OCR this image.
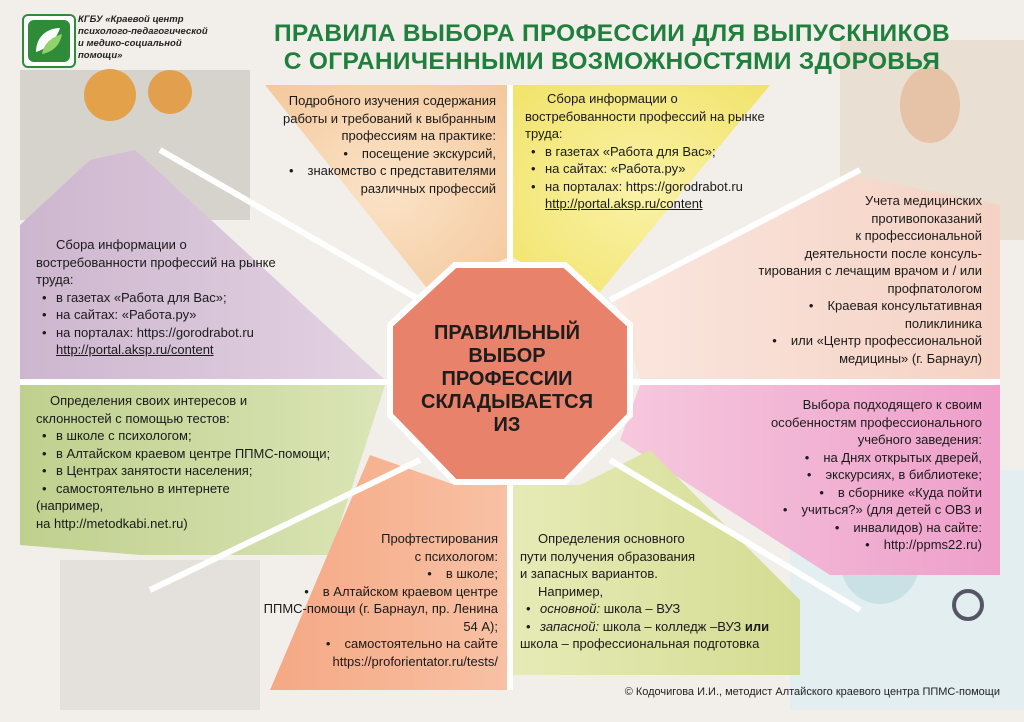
КГБУ «Краевой центр
психолого-педагогической
и медико-социальной
помощи»
ПРАВИЛА ВЫБОРА ПРОФЕССИИ ДЛЯ ВЫПУСКНИКОВ
С ОГРАНИЧЕННЫМИ ВОЗМОЖНОСТЯМИ ЗДОРОВЬЯ
ПРАВИЛЬНЫЙ
ВЫБОР
ПРОФЕССИИ
СКЛАДЫВАЕТСЯ
ИЗ

Подробного изучения содержания

работы и требований к выбранным

профессиям на практике:

• посещение экскурсий,
• знакомство с представителями различных профессий

Сбора информации о

востребованности профессий на рынке

труда:

• в газетах «Работа для Вас»;
• на сайтах: «Работа.ру»
• на порталах: https://gorodrabot.ru

http://portal.aksp.ru/content

Сбора информации о

востребованности профессий на рынке

труда:

• в газетах «Работа для Вас»;
• на сайтах: «Работа.ру»
• на порталах: https://gorodrabot.ru

http://portal.aksp.ru/content

Учета медицинских

противопоказаний

к профессиональной

деятельности после консуль-

тирования с лечащим врачом и / или

профпатологом

• Краевая консультативная поликлиника
• или «Центр профессиональной медицины» (г. Барнаул)

Определения своих интересов и

склонностей с помощью тестов:

• в школе с психологом;
• в Алтайском краевом центре ППМС-помощи;
• в Центрах занятости населения;
• самостоятельно в интернете

(например,

на http://metodkabi.net.ru)

Выбора подходящего к своим

особенностям профессионального

учебного заведения:

• на Днях открытых дверей,
• экскурсиях, в библиотеке;
• в сборнике «Куда пойти
• учиться?» (для детей с ОВЗ и
• инвалидов) на сайте:
• http://ppms22.ru)

Профтестирования

с психологом:

• в школе;
• в Алтайском краевом центре ППМС-помощи (г. Барнаул, пр. Ленина 54 А);
• самостоятельно на сайте https://proforientator.ru/tests/

Определения основного

пути получения образования

и запасных вариантов.

Например,

• основной: школа – ВУЗ
• запасной: школа – колледж –ВУЗ или

школа – профессиональная подготовка

© Кодочигова И.И., методист Алтайского краевого центра ППМС-помощи
